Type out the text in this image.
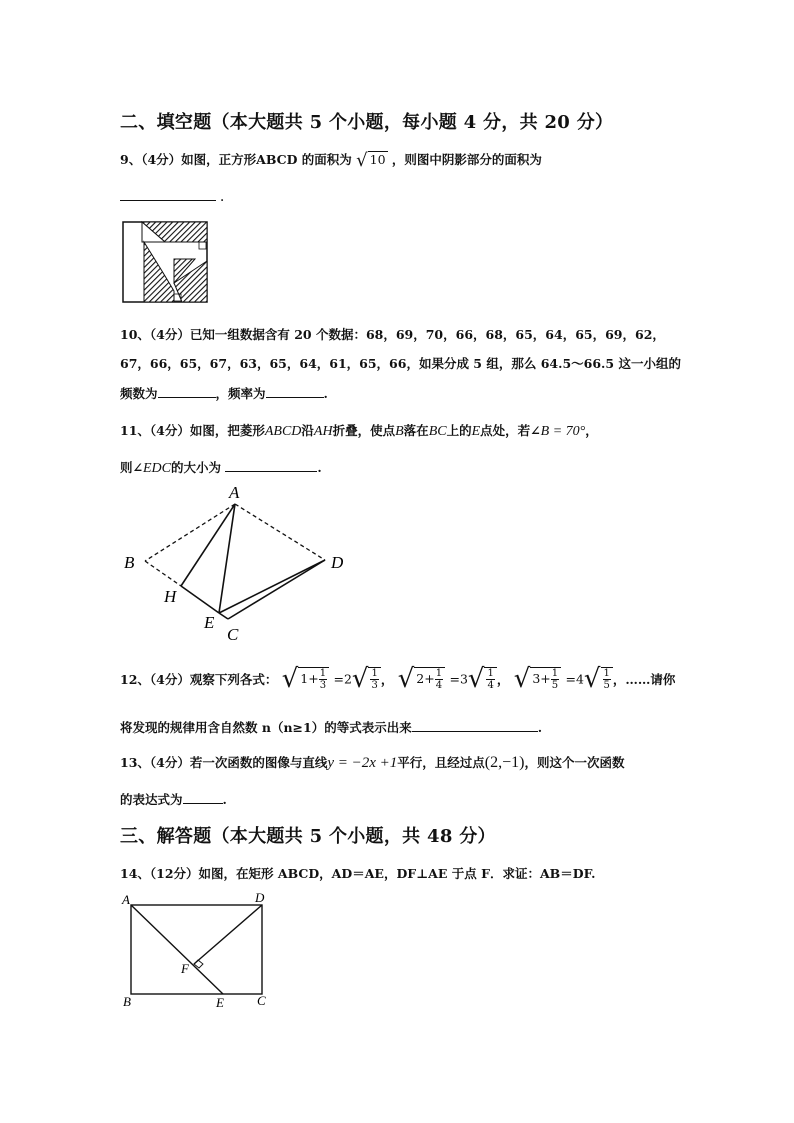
二、填空题（本大题共 5 个小题，每小题 4 分，共 20 分）
9、（4分）如图，正方形ABCD 的面积为 √ 10 ，则图中阴影部分的面积为
.
10、（4分）已知一组数据含有 20 个数据：68，69，70，66，68，65，64，65，69，62，
67，66，65，67，63，65，64，61，65，66，如果分成 5 组，那么 64.5～66.5 这一小组的
频数为	，频率为	.
11、（4分）如图，把菱形ABCD沿AH折叠，使点B落在BC上的E点处，若∠B = 70°，
则∠EDC的大小为	.
A
B	D
H
E
C
12、（4分）观察下列各式： √ $1+ \frac{1}{3} =2√ \frac{1}{3}$ ， √ $2+ \frac{1}{4} =3√ \frac{1}{4}$ ， √ $3+ \frac{1}{5} =4√ \frac{1}{5}$ ，……请你
将发现的规律用含自然数 n（n≥1）的等式表示出来	.
13、（4分）若一次函数的图像与直线y = −2x +1平行，且经过点(2,−1)，则这个一次函数
的表达式为	.
三、解答题（本大题共 5 个小题，共 48 分）
14、（12分）如图，在矩形 ABCD，AD＝AE，DF⊥AE 于点 F．求证：AB＝DF.
A	D
F
B	E	C
